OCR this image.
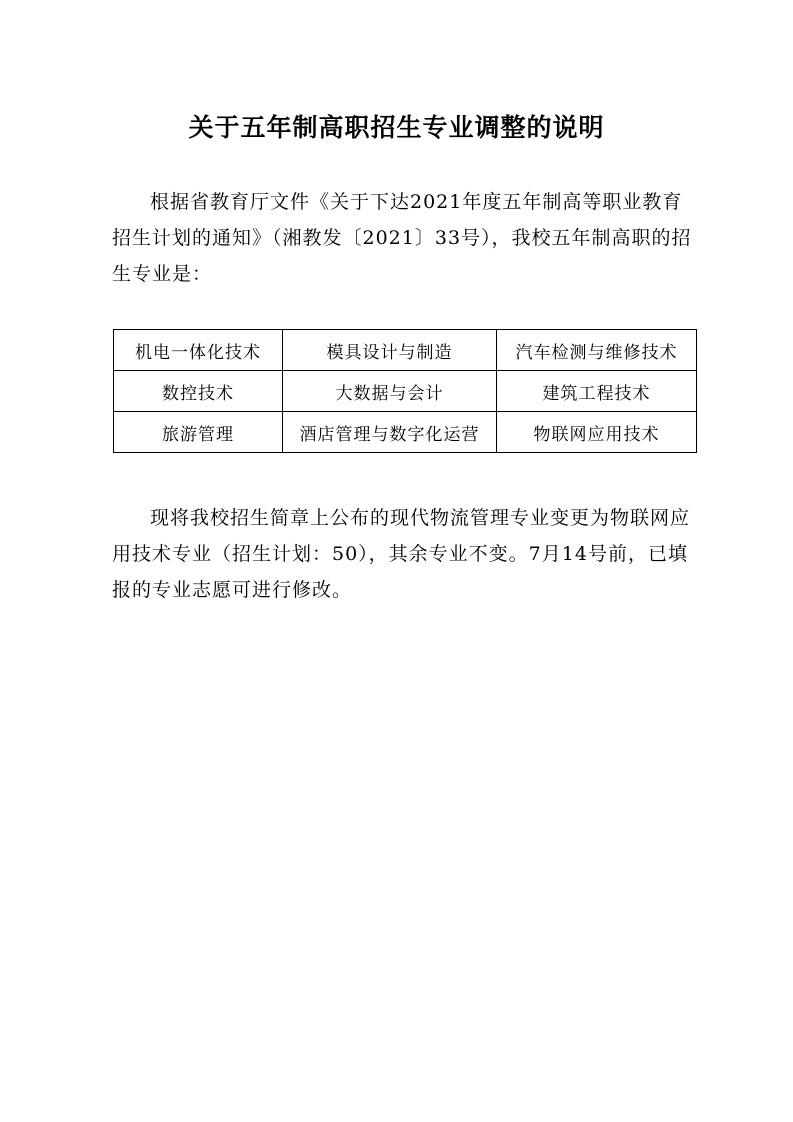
关于五年制高职招生专业调整的说明

根据省教育厅文件《关于下达2021年度五年制高等职业教育招生计划的通知》（湘教发〔2021〕33号），我校五年制高职的招生专业是：

机电一体化技术	模具设计与制造	汽车检测与维修技术
数控技术	大数据与会计	建筑工程技术
旅游管理	酒店管理与数字化运营	物联网应用技术

现将我校招生简章上公布的现代物流管理专业变更为物联网应用技术专业（招生计划：50），其余专业不变。7月14号前，已填报的专业志愿可进行修改。
